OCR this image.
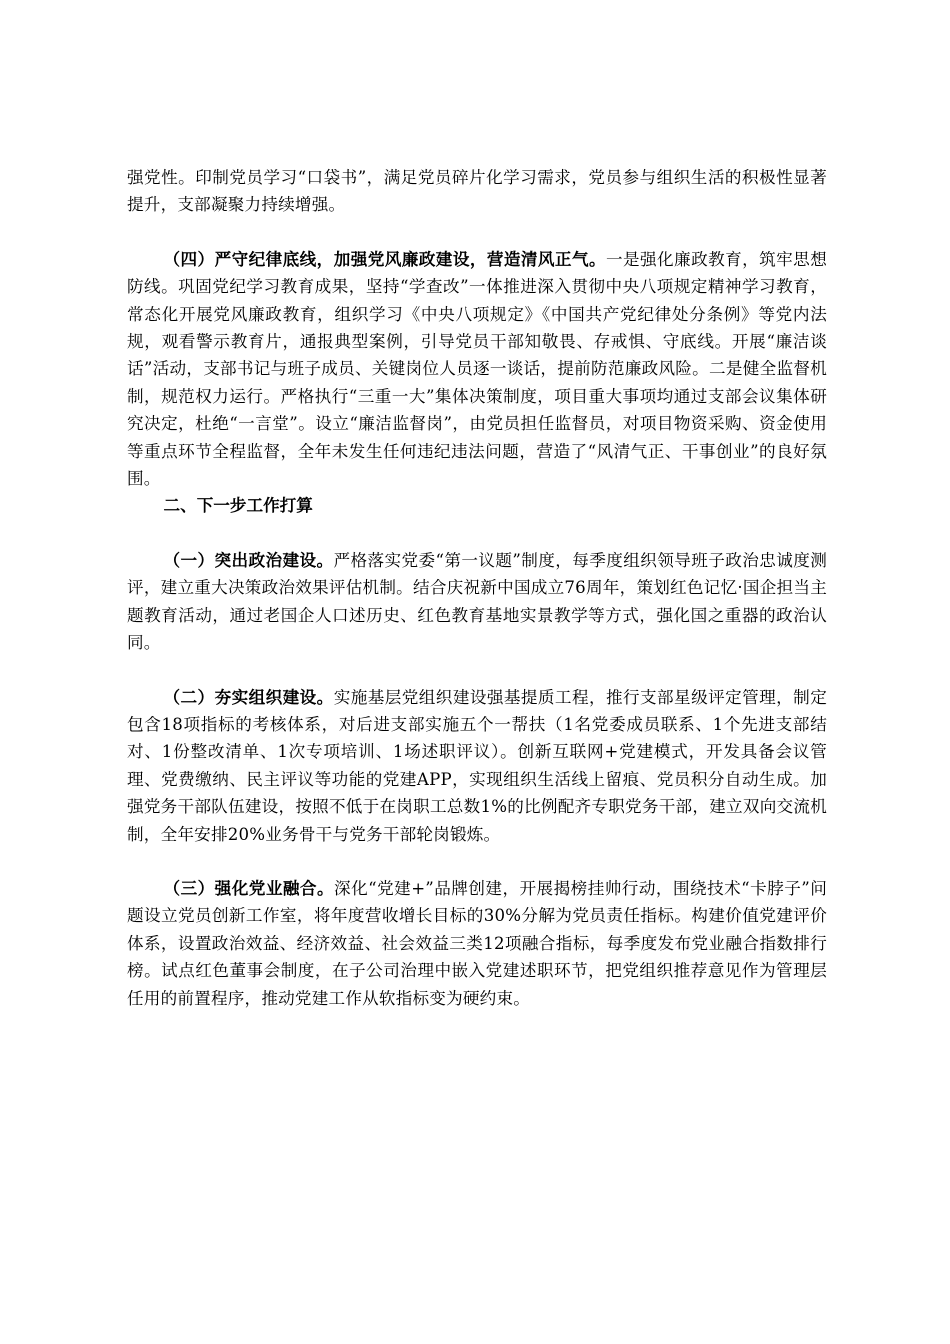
强党性。印制党员学习“口袋书”，满足党员碎片化学习需求，党员参与组织生活的积极性显著提升，支部凝聚力持续增强。

（四）严守纪律底线，加强党风廉政建设，营造清风正气。一是强化廉政教育，筑牢思想防线。巩固党纪学习教育成果，坚持“学查改”一体推进深入贯彻中央八项规定精神学习教育，常态化开展党风廉政教育，组织学习《中央八项规定》《中国共产党纪律处分条例》等党内法规，观看警示教育片，通报典型案例，引导党员干部知敬畏、存戒惧、守底线。开展“廉洁谈话”活动，支部书记与班子成员、关键岗位人员逐一谈话，提前防范廉政风险。二是健全监督机制，规范权力运行。严格执行“三重一大”集体决策制度，项目重大事项均通过支部会议集体研究决定，杜绝“一言堂”。设立“廉洁监督岗”，由党员担任监督员，对项目物资采购、资金使用等重点环节全程监督，全年未发生任何违纪违法问题，营造了“风清气正、干事创业”的良好氛围。

二、下一步工作打算

（一）突出政治建设。严格落实党委“第一议题”制度，每季度组织领导班子政治忠诚度测评，建立重大决策政治效果评估机制。结合庆祝新中国成立76周年，策划红色记忆·国企担当主题教育活动，通过老国企人口述历史、红色教育基地实景教学等方式，强化国之重器的政治认同。

（二）夯实组织建设。实施基层党组织建设强基提质工程，推行支部星级评定管理，制定包含18项指标的考核体系，对后进支部实施五个一帮扶（1名党委成员联系、1个先进支部结对、1份整改清单、1次专项培训、1场述职评议）。创新互联网+党建模式，开发具备会议管理、党费缴纳、民主评议等功能的党建APP，实现组织生活线上留痕、党员积分自动生成。加强党务干部队伍建设，按照不低于在岗职工总数1%的比例配齐专职党务干部，建立双向交流机制，全年安排20%业务骨干与党务干部轮岗锻炼。

（三）强化党业融合。深化“党建+”品牌创建，开展揭榜挂帅行动，围绕技术“卡脖子”问题设立党员创新工作室，将年度营收增长目标的30%分解为党员责任指标。构建价值党建评价体系，设置政治效益、经济效益、社会效益三类12项融合指标，每季度发布党业融合指数排行榜。试点红色董事会制度，在子公司治理中嵌入党建述职环节，把党组织推荐意见作为管理层任用的前置程序，推动党建工作从软指标变为硬约束。
